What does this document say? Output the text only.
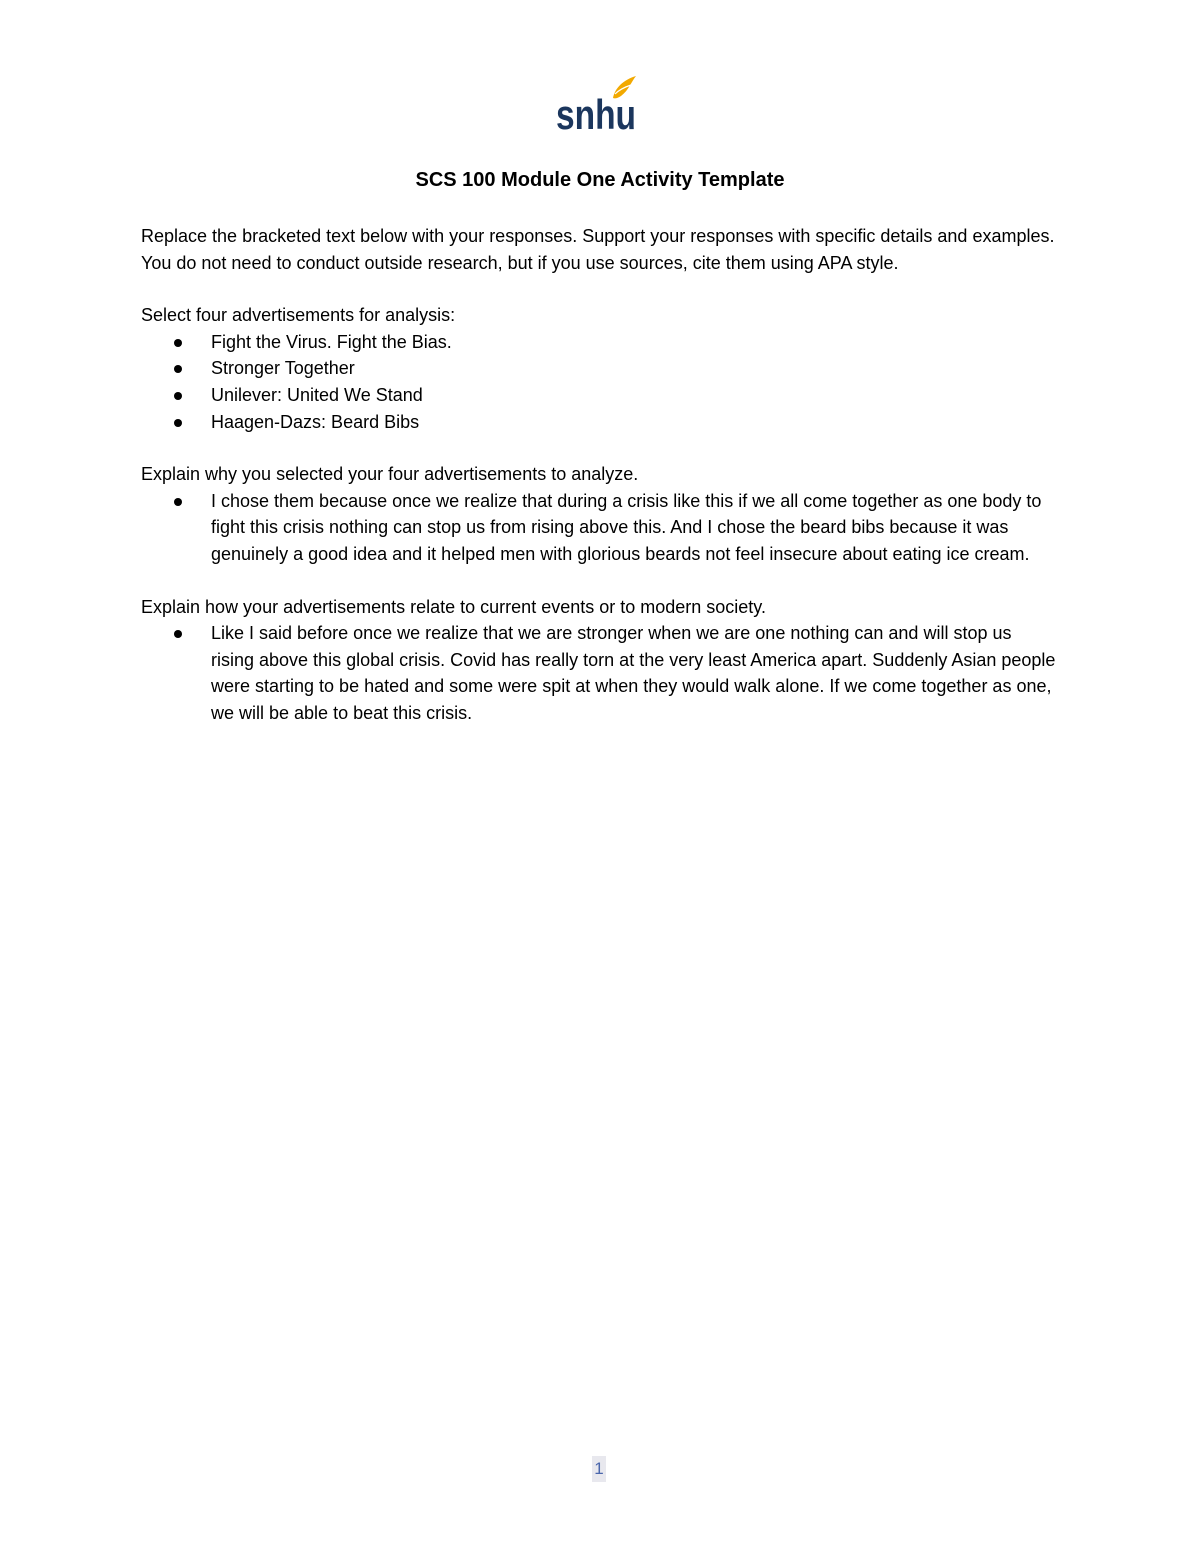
snhu
SCS 100 Module One Activity Template

Replace the bracketed text below with your responses. Support your responses with specific details and examples. You do not need to conduct outside research, but if you use sources, cite them using APA style.

Select four advertisements for analysis:

Fight the Virus. Fight the Bias.
Stronger Together
Unilever: United We Stand
Haagen-Dazs: Beard Bibs

Explain why you selected your four advertisements to analyze.

I chose them because once we realize that during a crisis like this if we all come together as one body to fight this crisis nothing can stop us from rising above this. And I chose the beard bibs because it was genuinely a good idea and it helped men with glorious beards not feel insecure about eating ice cream.

Explain how your advertisements relate to current events or to modern society.

Like I said before once we realize that we are stronger when we are one nothing can and will stop us rising above this global crisis. Covid has really torn at the very least America apart. Suddenly Asian people were starting to be hated and some were spit at when they would walk alone. If we come together as one, we will be able to beat this crisis.
1
